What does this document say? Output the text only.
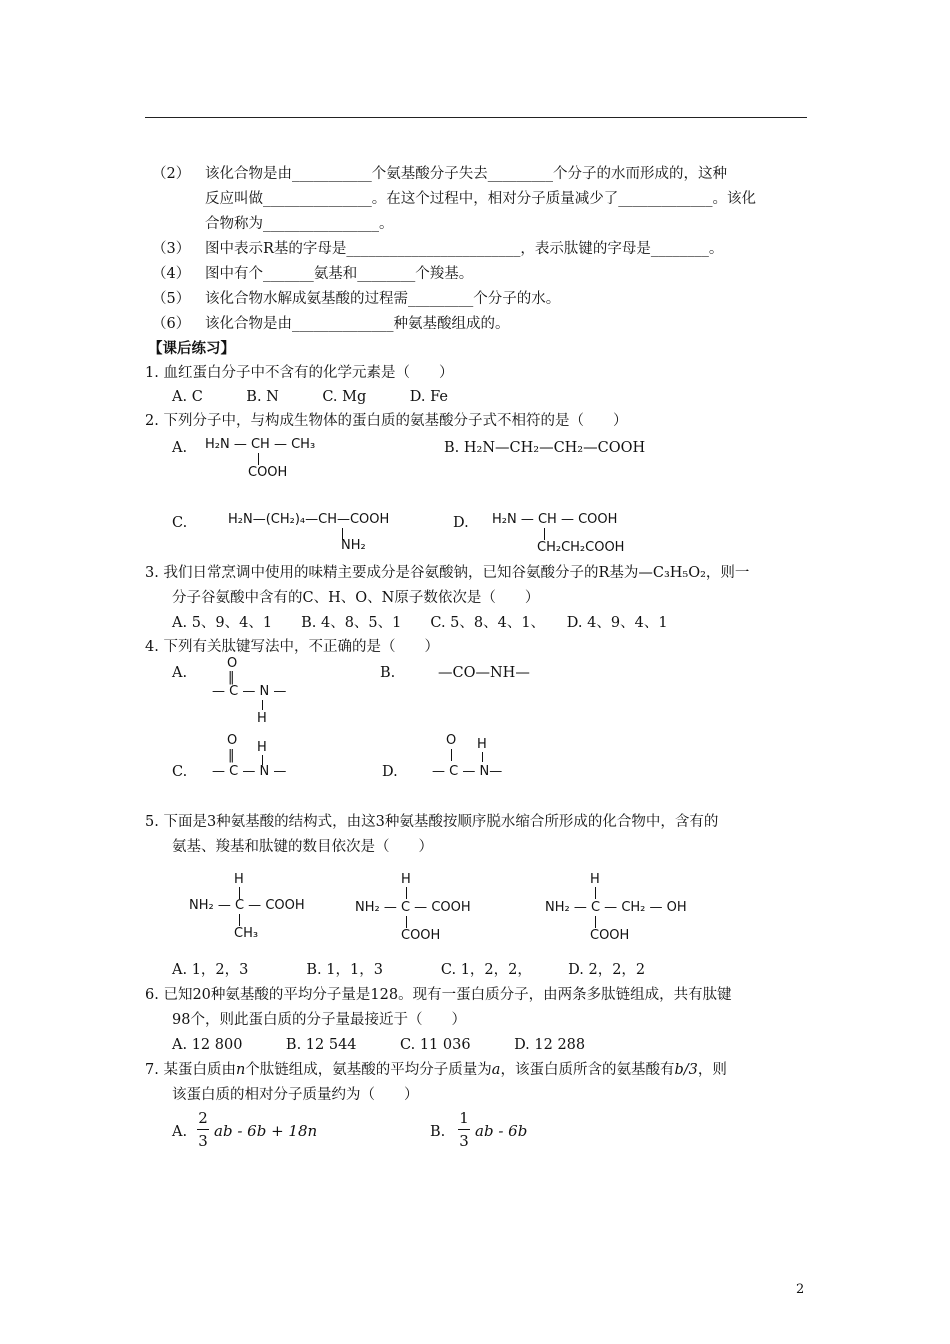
（2） 该化合物是由___________个氨基酸分子失去_________个分子的水而形成的，这种
反应叫做_______________。在这个过程中，相对分子质量减少了_____________。该化
合物称为________________。
（3） 图中表示R基的字母是________________________，表示肽键的字母是________。
（4） 图中有个_______氨基和________个羧基。
（5） 该化合物水解成氨基酸的过程需_________个分子的水。
（6） 该化合物是由______________种氨基酸组成的。
【课后练习】
1. 血红蛋白分子中不含有的化学元素是（　　）
A. C　　　B. N　　　C. Mg　　　D. Fe
2. 下列分子中，与构成生物体的蛋白质的氨基酸分子式不相符的是（　　）
A. H₂N — CH — CH₃
COOH
B. H₂N—CH₂—CH₂—COOH
C.	H₂N—(CH₂)₄—CH—COOH
NH₂
D. H₂N — CH — COOH
CH₂CH₂COOH
3. 我们日常烹调中使用的味精主要成分是谷氨酸钠，已知谷氨酸分子的R基为—C₃H₅O₂，则一
分子谷氨酸中含有的C、H、O、N原子数依次是（　　）
A. 5、9、4、1　　B. 4、8、5、1　　C. 5、8、4、1、　　D. 4、9、4、1
4. 下列有关肽键写法中，不正确的是（　　）
A.
O
‖
— C — N —
H
B.	—CO—NH—
C.
O
‖
H
— C — N —	D.
O H
— C — N—
5. 下面是3种氨基酸的结构式，由这3种氨基酸按顺序脱水缩合所形成的化合物中，含有的
氨基、羧基和肽键的数目依次是（　　）
H
NH₂ — C — COOH
CH₃
H
NH₂ — C — COOH
COOH
H
NH₂ — C — CH₂ — OH
COOH
A. 1，2，3　　　　B. 1，1，3　　　　C. 1，2，2，　　　D. 2，2，2
6. 已知20种氨基酸的平均分子量是128。现有一蛋白质分子，由两条多肽链组成，共有肽键
98个，则此蛋白质的分子量最接近于（　　）
A. 12 800　　　B. 12 544　　　C. 11 036　　　D. 12 288
7. 某蛋白质由n个肽链组成，氨基酸的平均分子质量为a，该蛋白质所含的氨基酸有b/3，则
该蛋白质的相对分子质量约为（　　）
A.
2
3
ab - 6b + 18n	B.
1
3
ab - 6b
2
